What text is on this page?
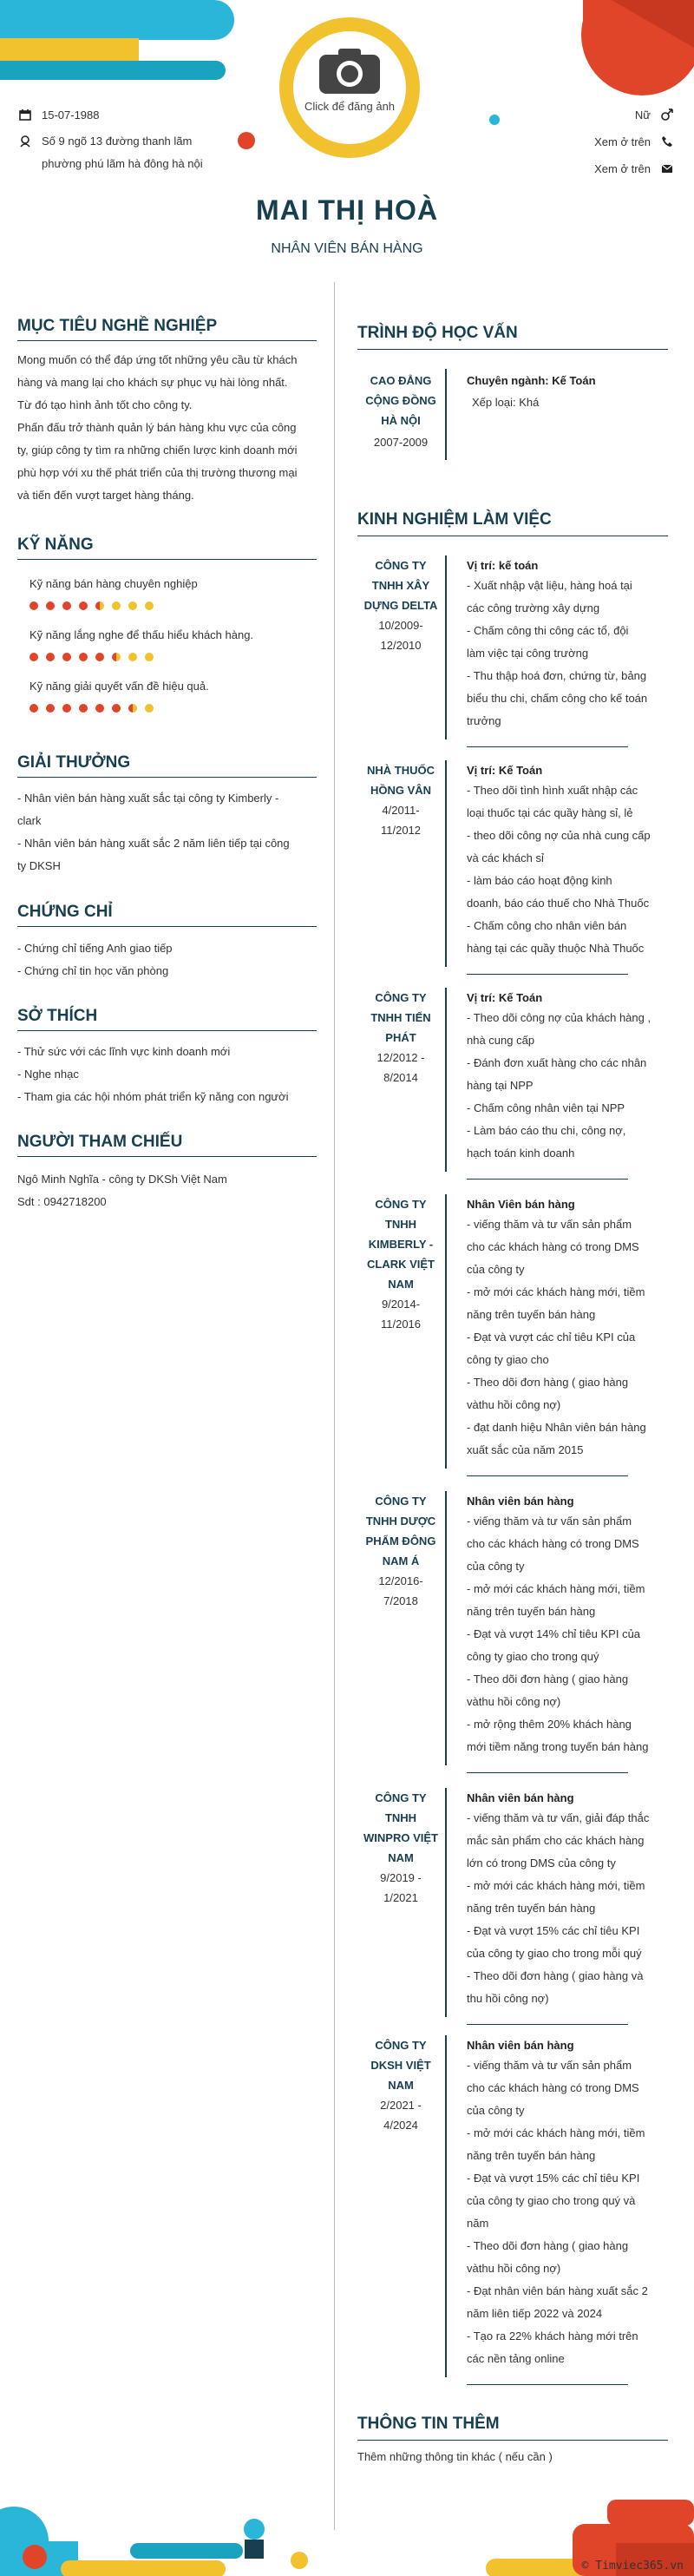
Click để đăng ảnh
15-07-1988
Số 9 ngõ 13 đường thanh lãm
phường phú lãm hà đông hà nội
Nữ
Xem ở trên
Xem ở trên
MAI THỊ HOÀ
NHÂN VIÊN BÁN HÀNG
MỤC TIÊU NGHỀ NGHIỆP
Mong muốn có thể đáp ứng tốt những yêu cầu từ khách
hàng và mang lại cho khách sự phục vụ hài lòng nhất.
Từ đó tạo hình ảnh tốt cho công ty.
Phấn đấu trở thành quản lý bán hàng khu vực của công
ty, giúp công ty tìm ra những chiến lược kinh doanh mới
phù hợp với xu thế phát triển của thị trường thương mại
và tiến đến vượt target hàng tháng.
KỸ NĂNG
Kỹ năng bán hàng chuyên nghiệp
Kỹ năng lắng nghe để thấu hiểu khách hàng.
Kỹ năng giải quyết vấn đề hiệu quả.
GIẢI THƯỞNG
- Nhân viên bán hàng xuất sắc tại công ty Kimberly -
clark
- Nhân viên bán hàng xuất sắc 2 năm liên tiếp tại công
ty DKSH
CHỨNG CHỈ
- Chứng chỉ tiếng Anh giao tiếp
- Chứng chỉ tin học văn phòng
SỞ THÍCH
- Thử sức với các lĩnh vực kinh doanh mới
- Nghe nhạc
- Tham gia các hội nhóm phát triển kỹ năng con người
NGƯỜI THAM CHIẾU
Ngô Minh Nghĩa - công ty DKSh Việt Nam
Sdt : 0942718200
TRÌNH ĐỘ HỌC VẤN
CAO ĐẲNG
CỘNG ĐỒNG
HÀ NỘI
2007-2009
Chuyên ngành: Kế Toán
Xếp loại: Khá
KINH NGHIỆM LÀM VIỆC
CÔNG TY
TNHH XÂY
DỰNG DELTA
10/2009-
12/2010
Vị trí: kế toán
- Xuất nhập vật liệu, hàng hoá tại
các công trường xây dựng
- Chấm công thi công các tổ, đội
làm việc tại công trường
- Thu thập hoá đơn, chứng từ, bảng
biểu thu chi, chấm công cho kế toán
trưởng
NHÀ THUỐC
HỒNG VÂN
4/2011-
11/2012
Vị trí: Kế Toán
- Theo dõi tình hình xuất nhập các
loại thuốc tại các quầy hàng sỉ, lẻ
- theo dõi công nợ của nhà cung cấp
và các khách sỉ
- làm báo cáo hoạt động kinh
doanh, báo cáo thuế cho Nhà Thuốc
- Chấm công cho nhân viên bán
hàng tại các quầy thuộc Nhà Thuốc
CÔNG TY
TNHH TIẾN
PHÁT
12/2012 -
8/2014
Vị trí: Kế Toán
- Theo dõi công nợ của khách hàng ,
nhà cung cấp
- Đánh đơn xuất hàng cho các nhân
hàng tại NPP
- Chấm công nhân viên tại NPP
- Làm báo cáo thu chi, công nợ,
hạch toán kinh doanh
CÔNG TY
TNHH
KIMBERLY -
CLARK VIỆT
NAM
9/2014-
11/2016
Nhân Viên bán hàng
- viếng thăm và tư vấn sản phẩm
cho các khách hàng có trong DMS
của công ty
- mở mới các khách hàng mới, tiềm
năng trên tuyến bán hàng
- Đạt và vượt các chỉ tiêu KPI của
công ty giao cho
- Theo dõi đơn hàng ( giao hàng
vàthu hồi công nợ)
- đạt danh hiệu Nhân viên bán hàng
xuất sắc của năm 2015
CÔNG TY
TNHH DƯỢC
PHẨM ĐÔNG
NAM Á
12/2016-
7/2018
Nhân viên bán hàng
- viếng thăm và tư vấn sản phẩm
cho các khách hàng có trong DMS
của công ty
- mở mới các khách hàng mới, tiềm
năng trên tuyến bán hàng
- Đạt và vượt 14% chỉ tiêu KPI của
công ty giao cho trong quý
- Theo dõi đơn hàng ( giao hàng
vàthu hồi công nợ)
- mở rộng thêm 20% khách hàng
mới tiềm năng trong tuyến bán hàng
CÔNG TY
TNHH
WINPRO VIỆT
NAM
9/2019 -
1/2021
Nhân viên bán hàng
- viếng thăm và tư vấn, giải đáp thắc
mắc sản phẩm cho các khách hàng
lớn có trong DMS của công ty
- mở mới các khách hàng mới, tiềm
năng trên tuyến bán hàng
- Đạt và vượt 15% các chỉ tiêu KPI
của công ty giao cho trong mỗi quý
- Theo dõi đơn hàng ( giao hàng và
thu hồi công nợ)
CÔNG TY
DKSH VIỆT
NAM
2/2021 -
4/2024
Nhân viên bán hàng
- viếng thăm và tư vấn sản phẩm
cho các khách hàng có trong DMS
của công ty
- mở mới các khách hàng mới, tiềm
năng trên tuyến bán hàng
- Đạt và vượt 15% các chỉ tiêu KPI
của công ty giao cho trong quý và
năm
- Theo dõi đơn hàng ( giao hàng
vàthu hồi công nợ)
- Đạt nhân viên bán hàng xuất sắc 2
năm liên tiếp 2022 và 2024
- Tạo ra 22% khách hàng mới trên
các nền tảng online
THÔNG TIN THÊM
Thêm những thông tin khác ( nếu cần )
© Timviec365.vn
